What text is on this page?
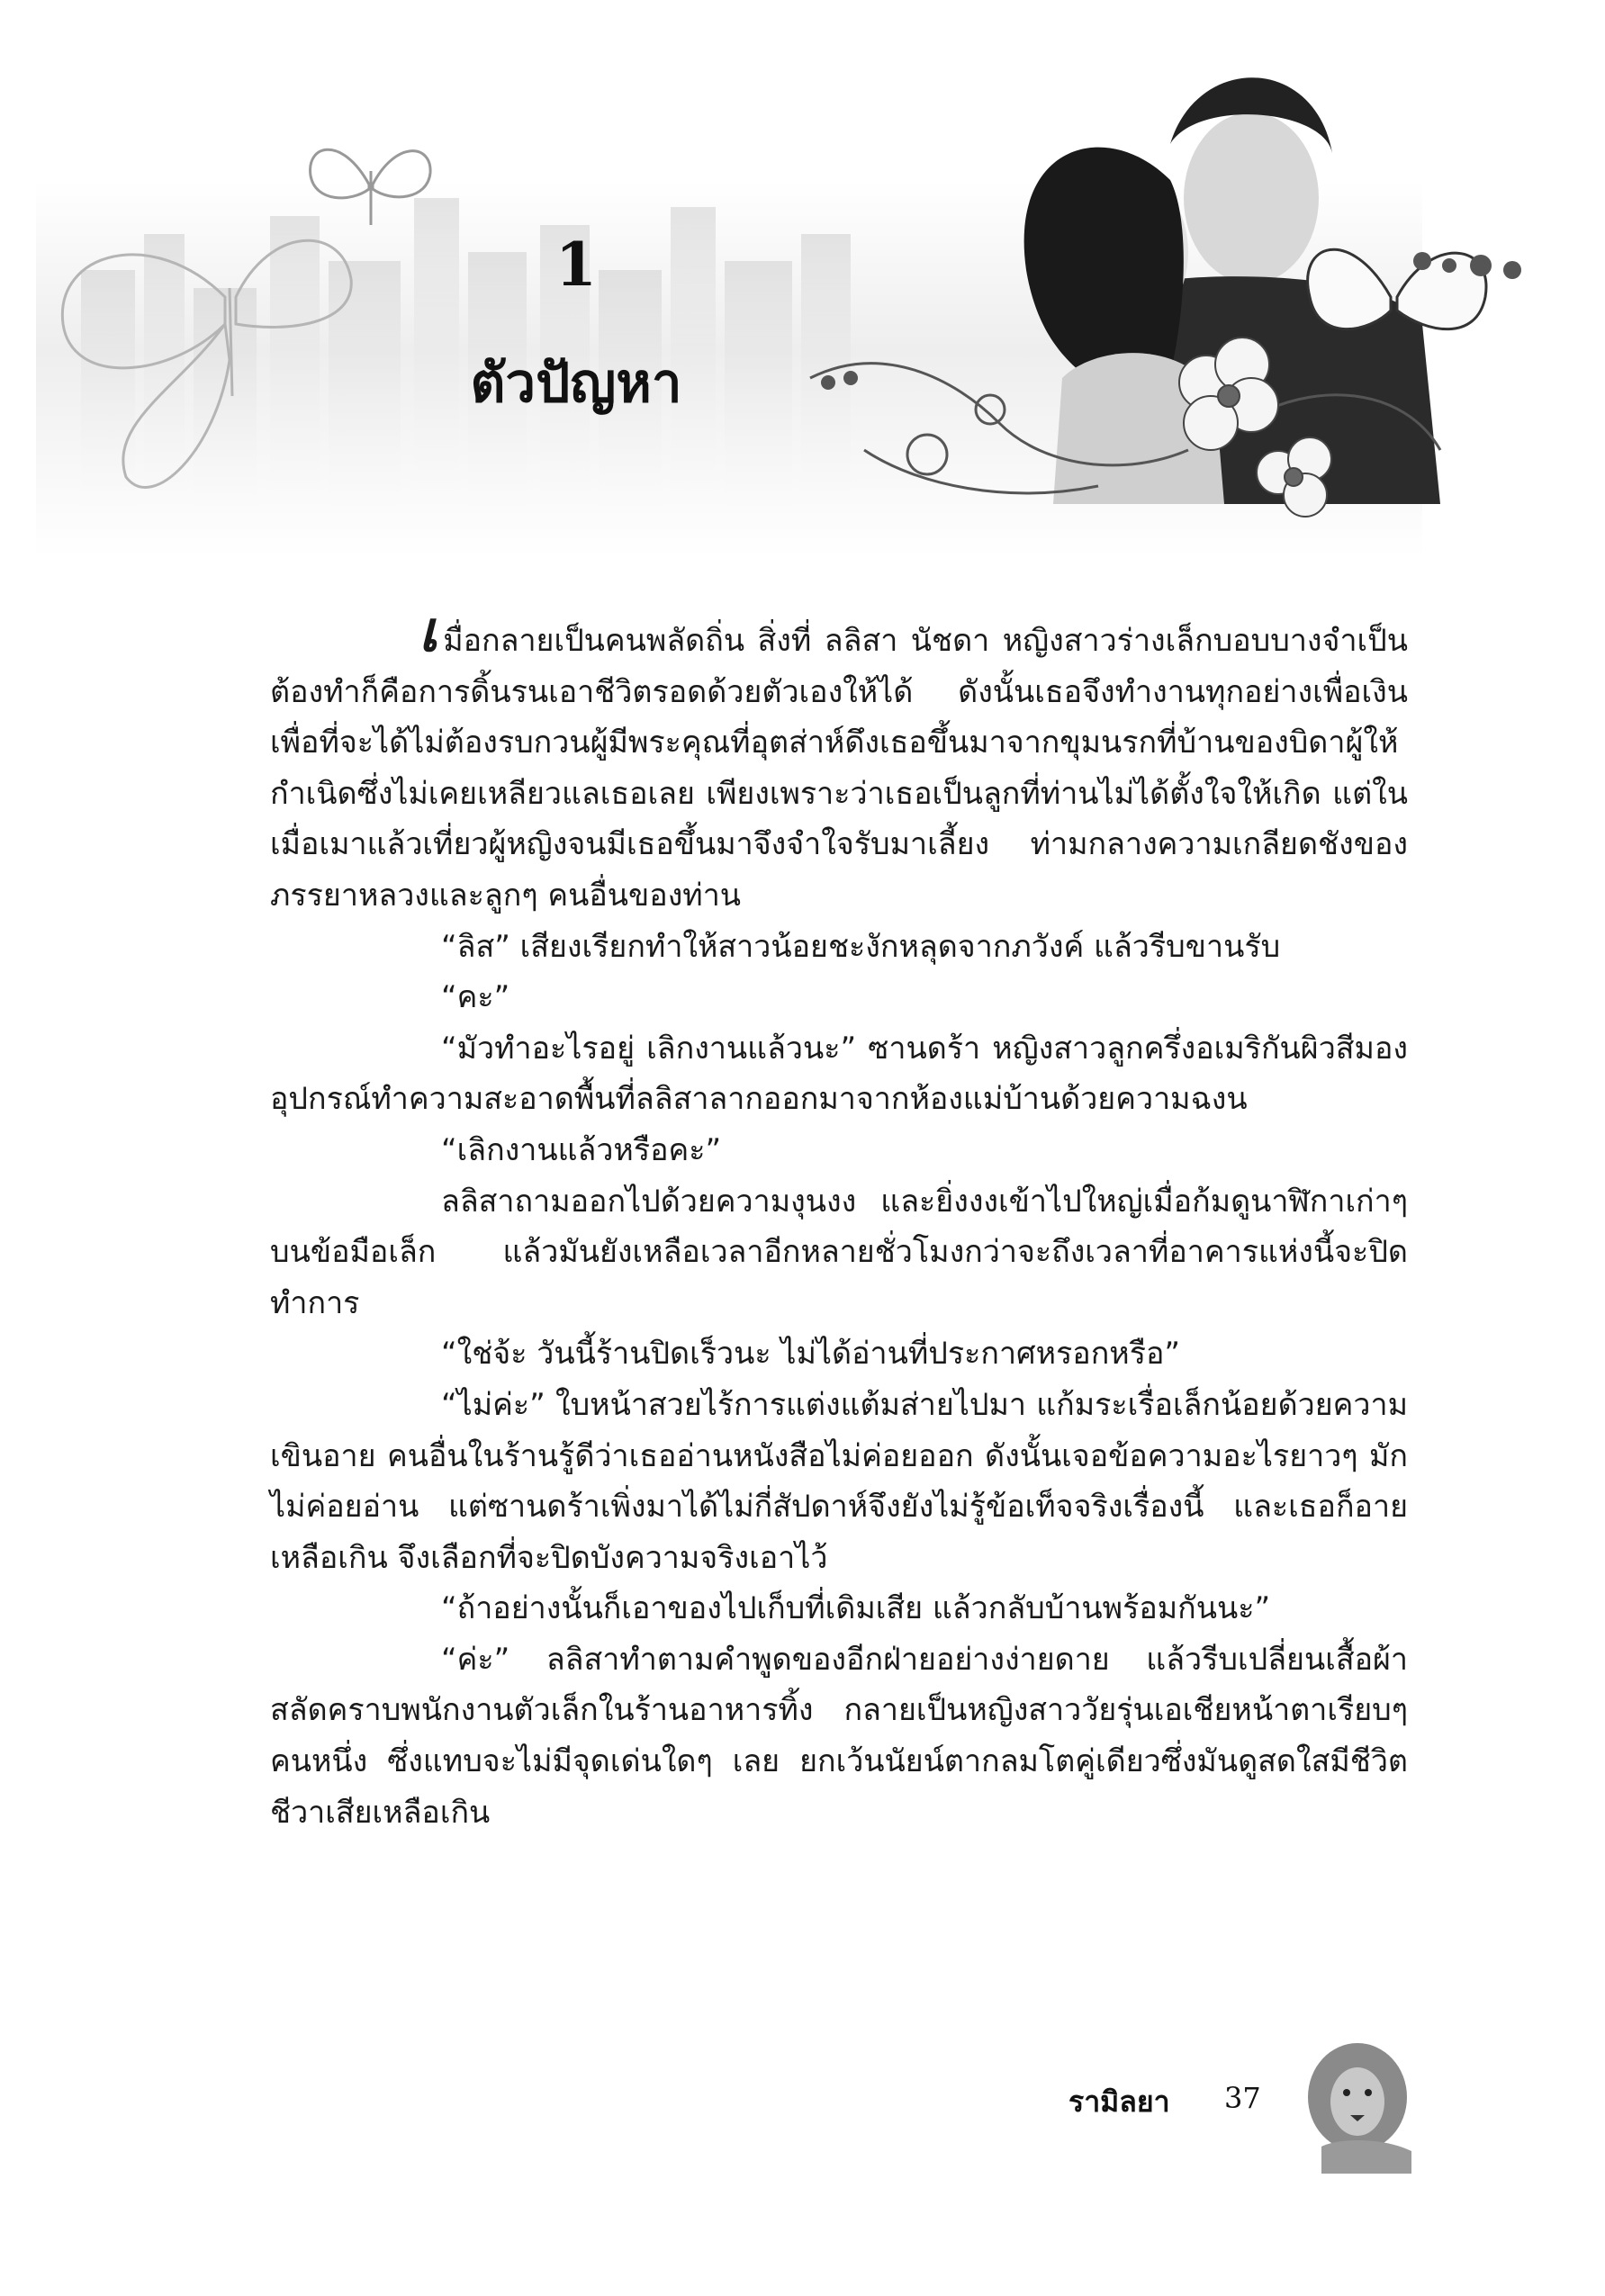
1
ตัวปัญหา

เมื่อกลายเป็นคนพลัดถิ่น สิ่งที่ ลลิสา นัชดา หญิงสาวร่างเล็กบอบบางจำเป็นต้องทำก็คือการดิ้นรนเอาชีวิตรอดด้วยตัวเองให้ได้ ดังนั้นเธอจึงทำงานทุกอย่างเพื่อเงิน เพื่อที่จะได้ไม่ต้องรบกวนผู้มีพระคุณที่อุตส่าห์ดึงเธอขึ้นมาจากขุมนรกที่บ้านของบิดาผู้ให้กำเนิดซึ่งไม่เคยเหลียวแลเธอเลย เพียงเพราะว่าเธอเป็นลูกที่ท่านไม่ได้ตั้งใจให้เกิด แต่ในเมื่อเมาแล้วเที่ยวผู้หญิงจนมีเธอขึ้นมาจึงจำใจรับมาเลี้ยง ท่ามกลางความเกลียดชังของภรรยาหลวงและลูกๆ คนอื่นของท่าน

“ลิส” เสียงเรียกทำให้สาวน้อยชะงักหลุดจากภวังค์ แล้วรีบขานรับ

“คะ”

“มัวทำอะไรอยู่ เลิกงานแล้วนะ” ซานดร้า หญิงสาวลูกครึ่งอเมริกันผิวสีมองอุปกรณ์ทำความสะอาดพื้นที่ลลิสาลากออกมาจากห้องแม่บ้านด้วยความฉงน

“เลิกงานแล้วหรือคะ”

ลลิสาถามออกไปด้วยความงุนงง และยิ่งงงเข้าไปใหญ่เมื่อก้มดูนาฬิกาเก่าๆ บนข้อมือเล็ก แล้วมันยังเหลือเวลาอีกหลายชั่วโมงกว่าจะถึงเวลาที่อาคารแห่งนี้จะปิดทำการ

“ใช่จ้ะ วันนี้ร้านปิดเร็วนะ ไม่ได้อ่านที่ประกาศหรอกหรือ”

“ไม่ค่ะ” ใบหน้าสวยไร้การแต่งแต้มส่ายไปมา แก้มระเรื่อเล็กน้อยด้วยความเขินอาย คนอื่นในร้านรู้ดีว่าเธออ่านหนังสือไม่ค่อยออก ดังนั้นเจอข้อความอะไรยาวๆ มักไม่ค่อยอ่าน แต่ซานดร้าเพิ่งมาได้ไม่กี่สัปดาห์จึงยังไม่รู้ข้อเท็จจริงเรื่องนี้ และเธอก็อายเหลือเกิน จึงเลือกที่จะปิดบังความจริงเอาไว้

“ถ้าอย่างนั้นก็เอาของไปเก็บที่เดิมเสีย แล้วกลับบ้านพร้อมกันนะ”

“ค่ะ” ลลิสาทำตามคำพูดของอีกฝ่ายอย่างง่ายดาย แล้วรีบเปลี่ยนเสื้อผ้าสลัดคราบพนักงานตัวเล็กในร้านอาหารทิ้ง กลายเป็นหญิงสาววัยรุ่นเอเชียหน้าตาเรียบๆ คนหนึ่ง ซึ่งแทบจะไม่มีจุดเด่นใดๆ เลย ยกเว้นนัยน์ตากลมโตคู่เดียวซึ่งมันดูสดใสมีชีวิตชีวาเสียเหลือเกิน

รามิลยา 37
